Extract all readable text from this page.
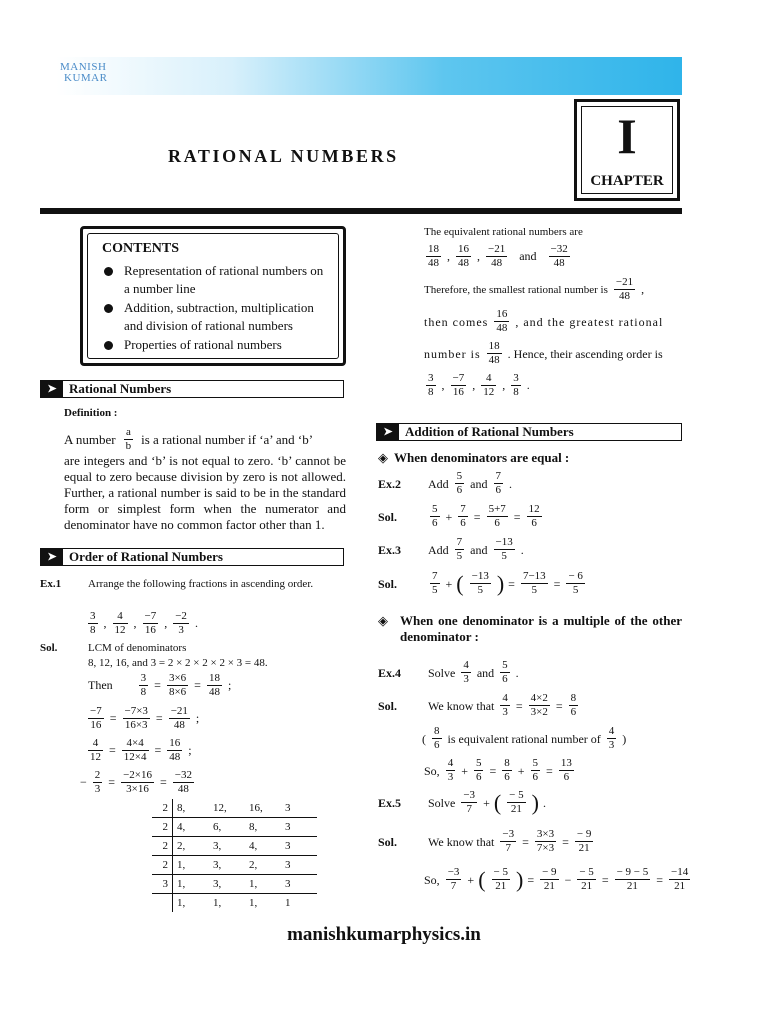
MANISH
KUMAR
RATIONAL NUMBERS	I
CHAPTER
CONTENTS
Representation of rational numbers on a number line
Addition, subtraction, multiplication and division of rational numbers
Properties of rational numbers
➤ Rational Numbers
Definition :
A number $\frac{a}{b}$ is a rational number if ‘a’ and ‘b’
are integers and ‘b’ is not equal to zero. ‘b’ cannot be equal to zero because division by zero is not allowed. Further, a rational number is said to be in the standard form or simplest form when the numerator and denominator have no common factor other than 1.
➤ Order of Rational Numbers
Ex.1 Arrange the following fractions in ascending order.
$\frac{3}{8}$ , $\frac{4}{12}$ , $\frac{-7}{16}$ , $\frac{-2}{3}$ .
Sol.	LCM of denominators
8, 12, 16, and 3 = 2 × 2 × 2 × 2 × 3 = 48.
Then $\frac{3}{8} = \frac{3\times 6}{8\times 6} = \frac{18}{48}$ ;
$\frac{-7}{16} = \frac{-7\times 3}{16\times 3} = \frac{-21}{48}$ ;
$\frac{4}{12} = \frac{4\times 4}{12\times 4} = \frac{16}{48}$ ;
− $\frac{2}{3} = \frac{-2\times 16}{3\times 16} = \frac{-32}{48}$
2	8,	12,	16,	3
2	4,	6,	8,	3
2	2,	3,	4,	3
2	1,	3,	2,	3
3	1,	3,	1,	3
	1,	1,	1,	1
The equivalent rational numbers are
$\frac{18}{48}$ , $\frac{16}{48}$ , $\frac{-21}{48}$ and $\frac{-32}{48}$
Therefore, the smallest rational number is $\frac{-21}{48}$ ,
then comes $\frac{16}{48}$ , and the greatest rational
number is $\frac{18}{48}$ . Hence, their ascending order is
$\frac{3}{8}$ , $\frac{-7}{16}$ , $\frac{4}{12}$ , $\frac{3}{8}$ .
➤ Addition of Rational Numbers
◈ When denominators are equal :
Ex.2	Add $\frac{5}{6}$ and $\frac{7}{6}$ .
Sol.	$\frac{5}{6} + \frac{7}{6} = \frac{5+7}{6} = \frac{12}{6}$
Ex.3	Add $\frac{7}{5}$ and $\frac{-13}{5}$ .
Sol.	$\frac{7}{5}$ + ( $\frac{-13}{5}$ ) = $\frac{7-13}{5} = \frac{- 6}{5}$
◈ When one denominator is a multiple of the other denominator :
Ex.4	Solve $\frac{4}{3}$ and $\frac{5}{6}$ .
Sol.	We know that $\frac{4}{3} = \frac{4\times 2}{3\times 2} = \frac{8}{6}$
( $\frac{8}{6}$ is equivalent rational number of $\frac{4}{3}$ )
So, $\frac{4}{3} + \frac{5}{6} = \frac{8}{6} + \frac{5}{6} = \frac{13}{6}$
Ex.5	Solve $\frac{-3}{7}$ + ( $\frac{- 5}{21}$ ) .
Sol.	We know that $\frac{-3}{7} = \frac{3\times 3}{7\times 3} = \frac{- 9}{21}$
So, $\frac{-3}{7}$ + ( $\frac{- 5}{21}$ ) = $\frac{- 9}{21} - \frac{- 5}{21} = \frac{- 9 - 5}{21} = \frac{-14}{21}$
manishkumarphysics.in
